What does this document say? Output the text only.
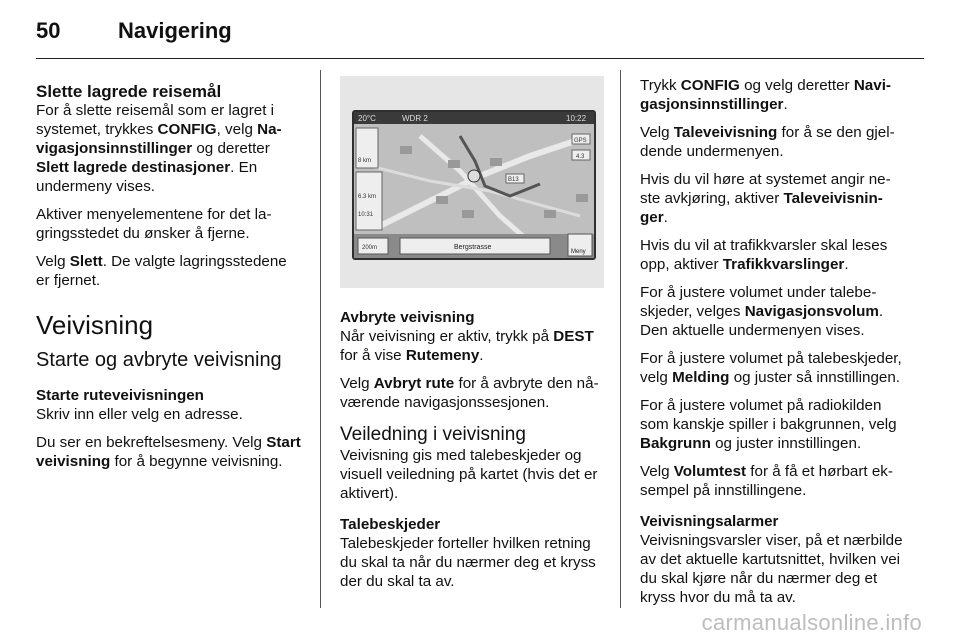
50	Navigering
Slette lagrede reisemål

For å slette reisemål som er lagret i systemet, trykkes CONFIG, velg Navigasjonsinnstillinger og deretter Slett lagrede destinasjoner. En undermeny vises.

Aktiver menyelementene for det lagringsstedet du ønsker å fjerne.

Velg Slett. De valgte lagringsstedene er fjernet.

Veivisning
Starte og avbryte veivisning
Starte ruteveivisningen

Skriv inn eller velg en adresse.

Du ser en bekreftelsesmeny. Velg Start veivisning for å begynne veivisning.

20°C	WDR 2	10:22
8 km
6.3 km
10:31
GPS
4.3
B13
200m	Bergstrasse
Meny
Avbryte veivisning

Når veivisning er aktiv, trykk på DEST for å vise Rutemeny.

Velg Avbryt rute for å avbryte den nåværende navigasjonssesjonen.

Veiledning i veivisning

Veivisning gis med talebeskjeder og visuell veiledning på kartet (hvis det er aktivert).

Talebeskjeder

Talebeskjeder forteller hvilken retning du skal ta når du nærmer deg et kryss der du skal ta av.

Trykk CONFIG og velg deretter Navigasjonsinnstillinger.

Velg Taleveivisning for å se den gjeldende undermenyen.

Hvis du vil høre at systemet angir neste avkjøring, aktiver Taleveivisninger.

Hvis du vil at trafikkvarsler skal leses opp, aktiver Trafikkvarslinger.

For å justere volumet under talebeskjeder, velges Navigasjonsvolum. Den aktuelle undermenyen vises.

For å justere volumet på talebeskjeder, velg Melding og juster så innstillingen.

For å justere volumet på radiokilden som kanskje spiller i bakgrunnen, velg Bakgrunn og juster innstillingen.

Velg Volumtest for å få et hørbart eksempel på innstillingene.

Veivisningsalarmer

Veivisningsvarsler viser, på et nærbilde av det aktuelle kartutsnittet, hvilken vei du skal kjøre når du nærmer deg et kryss hvor du må ta av.

carmanualsonline.info
